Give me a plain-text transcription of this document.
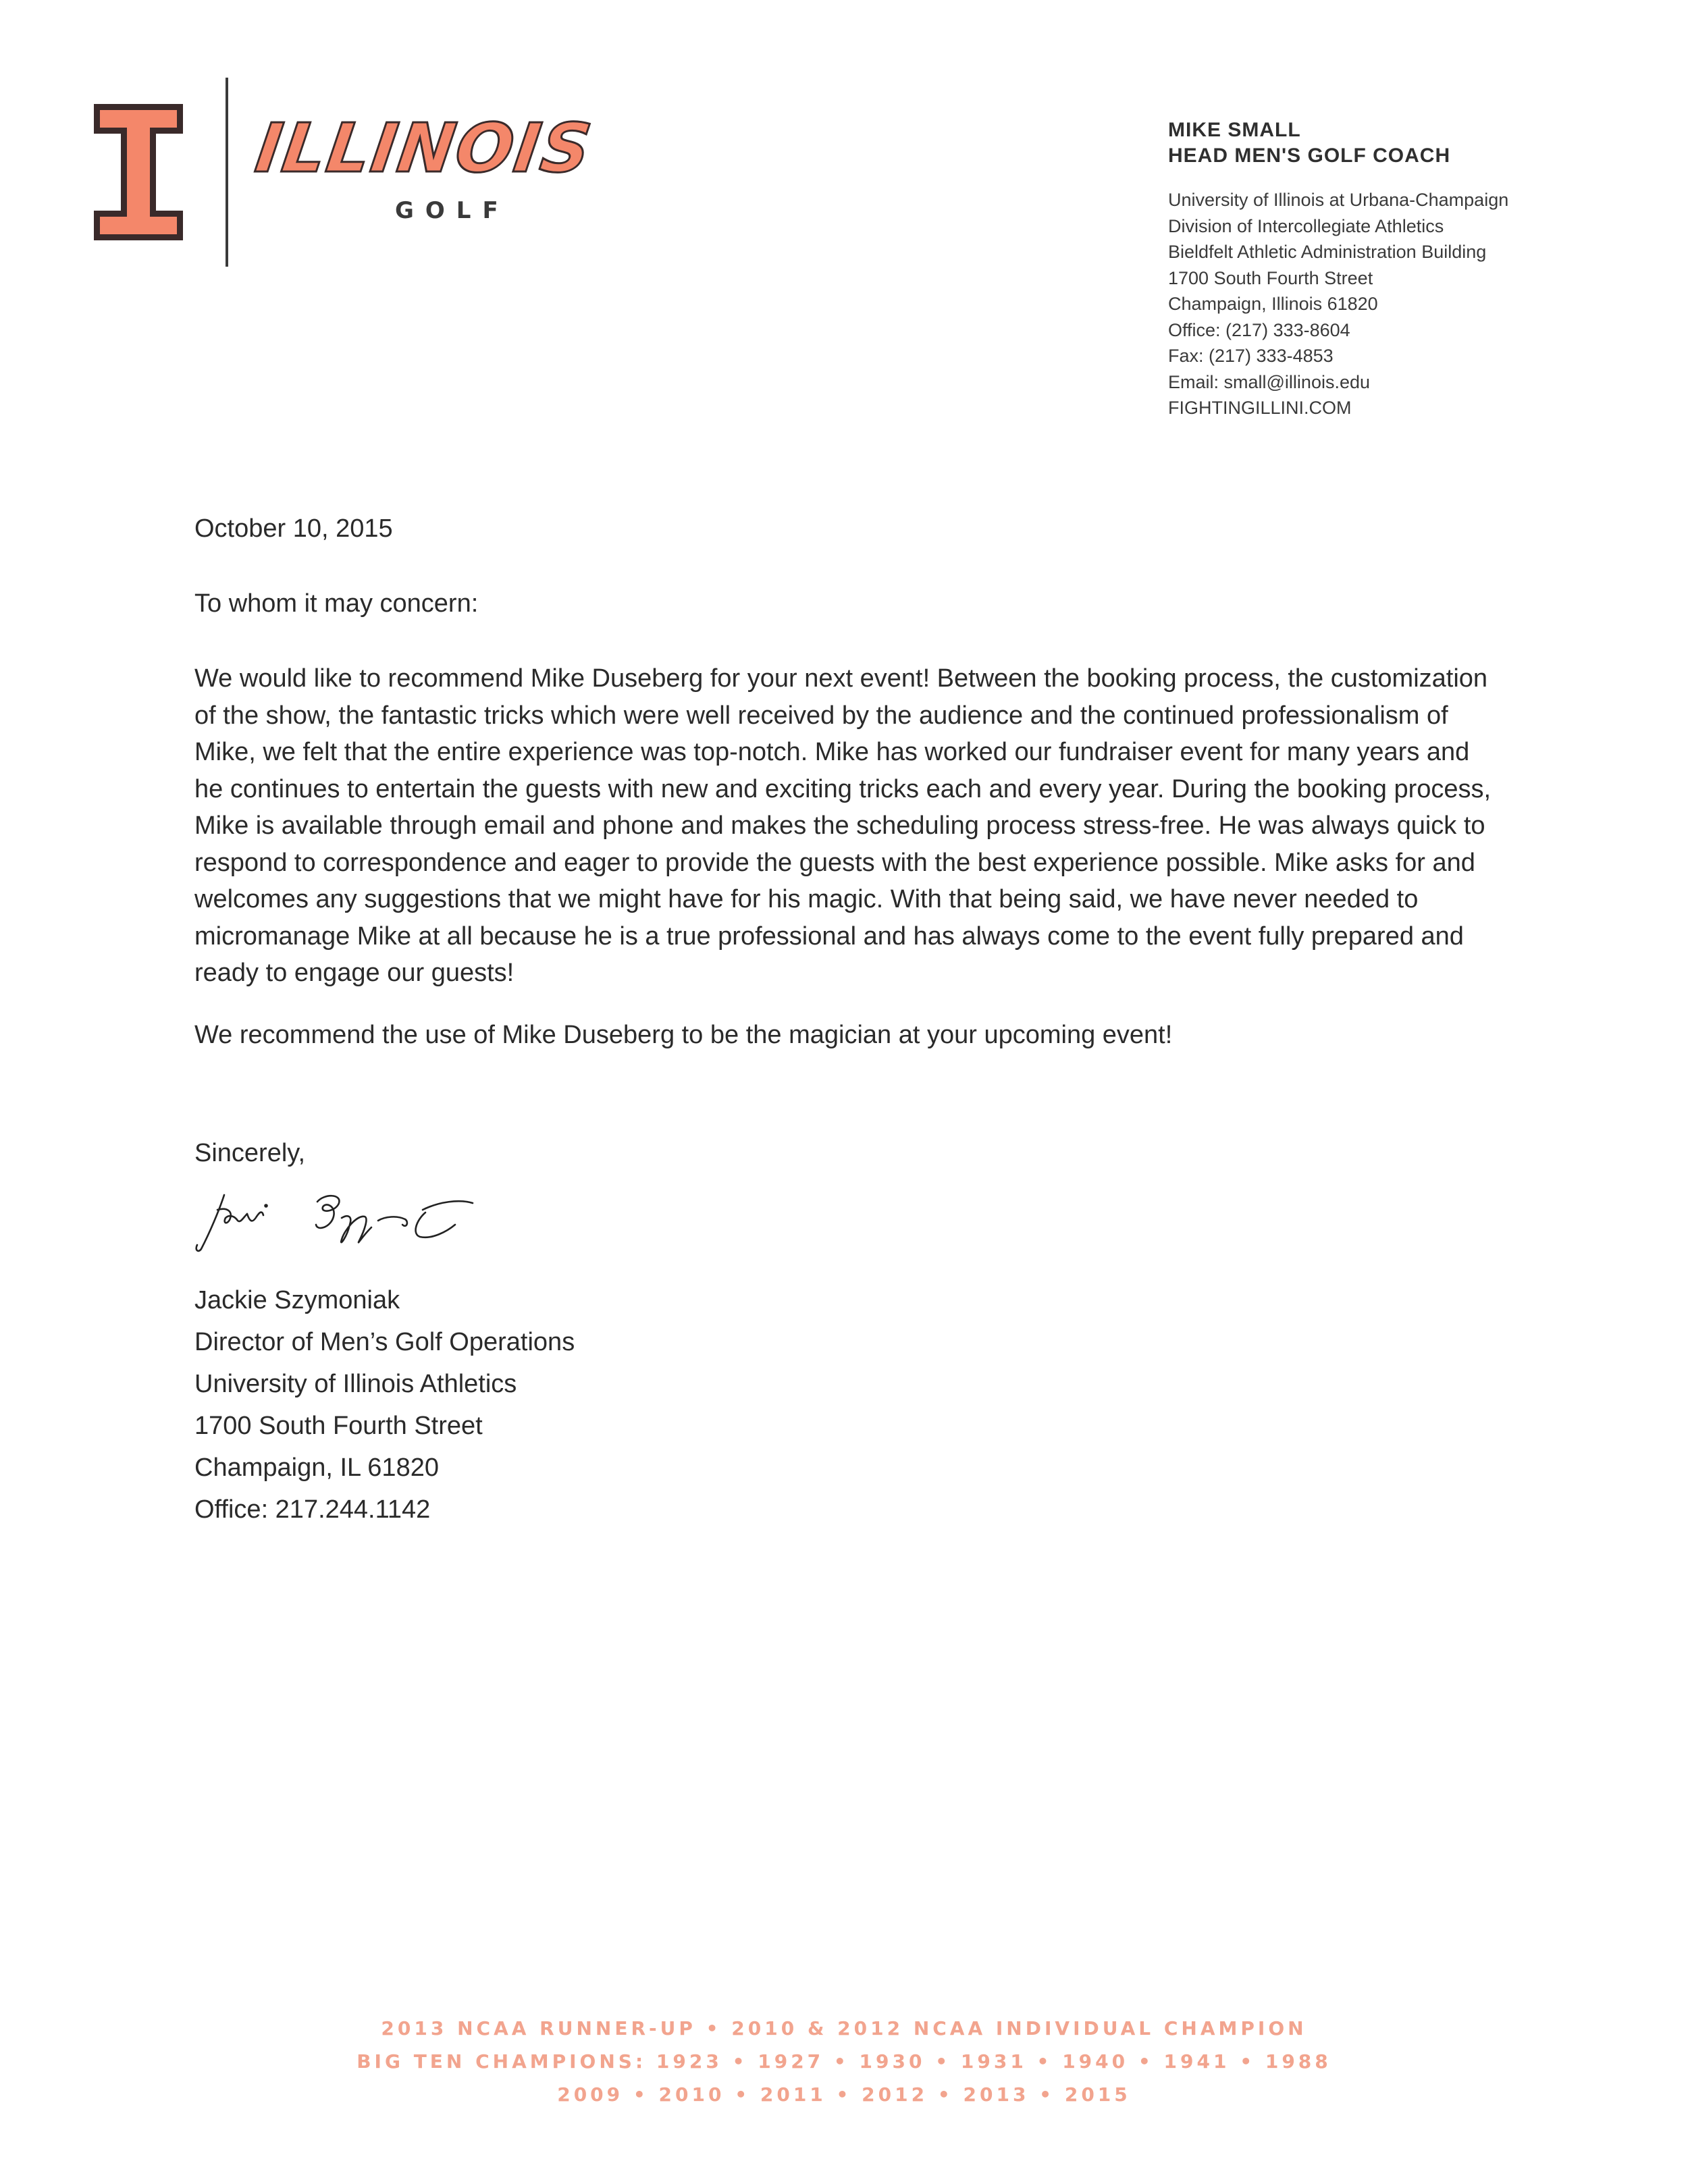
ILLINOIS
GOLF
MIKE SMALL
HEAD MEN'S GOLF COACH
University of Illinois at Urbana-Champaign
Division of Intercollegiate Athletics
Bieldfelt Athletic Administration Building
1700 South Fourth Street
Champaign, Illinois 61820
Office: (217) 333-8604
Fax: (217) 333-4853
Email: small@illinois.edu
FIGHTINGILLINI.COM
October 10, 2015
To whom it may concern:
We would like to recommend Mike Duseberg for your next event! Between the booking process, the customization of the show, the fantastic tricks which were well received by the audience and the continued professionalism of Mike, we felt that the entire experience was top-notch. Mike has worked our fundraiser event for many years and he continues to entertain the guests with new and exciting tricks each and every year. During the booking process, Mike is available through email and phone and makes the scheduling process stress-free. He was always quick to respond to correspondence and eager to provide the guests with the best experience possible. Mike asks for and welcomes any suggestions that we might have for his magic. With that being said, we have never needed to micromanage Mike at all because he is a true professional and has always come to the event fully prepared and ready to engage our guests!
We recommend the use of Mike Duseberg to be the magician at your upcoming event!
Sincerely,
Jackie Szymoniak
Director of Men’s Golf Operations
University of Illinois Athletics
1700 South Fourth Street
Champaign, IL 61820
Office: 217.244.1142
2013 NCAA RUNNER-UP • 2010 & 2012 NCAA INDIVIDUAL CHAMPION
BIG TEN CHAMPIONS: 1923 • 1927 • 1930 • 1931 • 1940 • 1941 • 1988
2009 • 2010 • 2011 • 2012 • 2013 • 2015
